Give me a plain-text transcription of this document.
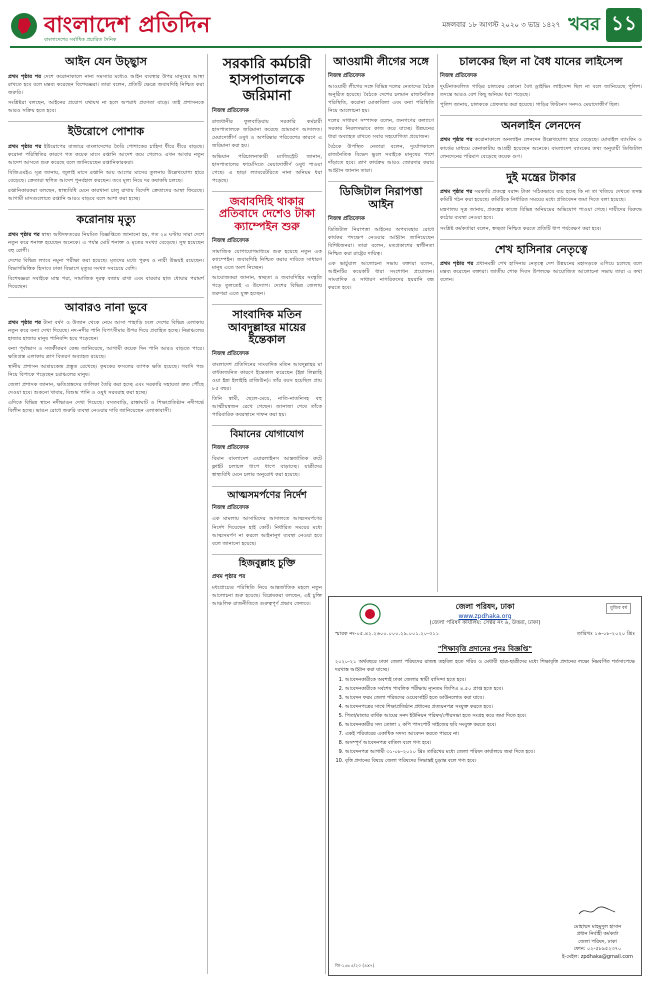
বাংলাদেশ প্রতিদিন
বাংলাদেশের সর্বাধিক প্রচারিত দৈনিক
মঙ্গলবার ১৮ আগস্ট ২০২০ ৩ ভাদ্র ১৪২৭ খবর ১১
আইন যেন উচ্ছ্বাস

প্রথম পৃষ্ঠার পর দেশে করোনাকালে নানা সমস্যার মধ্যেও আইন ব্যবস্থার উপর মানুষের আস্থা রাখতে হবে বলে মন্তব্য করেছেন বিশেষজ্ঞরা। তারা বলেন, প্রতিটি ক্ষেত্রে জবাবদিহি নিশ্চিত করা জরুরি।

সংশ্লিষ্টরা বলছেন, আইনের প্রয়োগ যথাযথ না হলে অপরাধ প্রবণতা বাড়ে। তাই প্রশাসনকে আরও সক্রিয় হতে হবে।

ইউরোপে পোশাক

প্রথম পৃষ্ঠার পর ইউরোপের বাজারে বাংলাদেশের তৈরি পোশাকের চাহিদা ধীরে ধীরে বাড়ছে। করোনা পরিস্থিতির কারণে গত কয়েক মাসে রপ্তানি আদেশ কমে গেলেও এখন আবার নতুন আদেশ আসতে শুরু করেছে বলে জানিয়েছেন রপ্তানিকারকরা।

বিজিএমইএ সূত্র জানায়, জুলাই মাসে রপ্তানি আয় আগের মাসের তুলনায় উল্লেখযোগ্য হারে বেড়েছে। ক্রেতারা স্থগিত আদেশ পুনর্বহাল করছেন। তবে মূল্য নিয়ে দর কষাকষি চলছে।

রপ্তানিকারকরা বলছেন, স্বাস্থ্যবিধি মেনে কারখানা চালু রাখায় বিদেশি ক্রেতাদের আস্থা ফিরেছে। আগামী মাসগুলোতে রপ্তানি আরও বাড়বে বলে আশা করা হচ্ছে।

করোনায় মৃত্যু

প্রথম পৃষ্ঠার পর স্বাস্থ্য অধিদফতরের নিয়মিত বিজ্ঞপ্তিতে জানানো হয়, গত ২৪ ঘণ্টায় সারা দেশে নতুন করে শনাক্ত হয়েছেন অনেকে। এ পর্যন্ত মোট শনাক্ত ও মৃতের সংখ্যা বেড়েছে। সুস্থ হয়েছেন বহু রোগী।

দেশের বিভিন্ন ল্যাবে নমুনা পরীক্ষা করা হয়েছে। মৃতদের মধ্যে পুরুষ ও নারী উভয়ই রয়েছেন। বিভাগভিত্তিক হিসাবে ঢাকা বিভাগে মৃত্যুর সংখ্যা সবচেয়ে বেশি।

বিশেষজ্ঞরা সবাইকে মাস্ক পরা, সামাজিক দূরত্ব বজায় রাখা এবং বারবার হাত ধোয়ার পরামর্শ দিয়েছেন।

আবারও নানা ভুবে

প্রথম পৃষ্ঠার পর টানা বর্ষণ ও উজান থেকে নেমে আসা পাহাড়ি ঢলে দেশের বিভিন্ন এলাকায় নতুন করে বন্যা দেখা দিয়েছে। নদ-নদীর পানি বিপৎসীমার উপর দিয়ে প্রবাহিত হচ্ছে। নিম্নাঞ্চলের হাজার হাজার মানুষ পানিবন্দি হয়ে পড়েছেন।

বন্যা পূর্বাভাস ও সতর্কীকরণ কেন্দ্র জানিয়েছে, আগামী কয়েক দিন পানি আরও বাড়তে পারে। ক্ষতিগ্রস্ত এলাকায় ত্রাণ বিতরণ অব্যাহত রয়েছে।

স্থানীয় প্রশাসন আশ্রয়কেন্দ্র প্রস্তুত রেখেছে। কৃষকের ফসলের ব্যাপক ক্ষতি হয়েছে। গবাদি পশু নিয়ে বিপাকে পড়েছেন চরাঞ্চলের মানুষ।

জেলা প্রশাসক জানান, ক্ষতিগ্রস্তদের তালিকা তৈরি করা হচ্ছে এবং সরকারি সহায়তা দ্রুত পৌঁছে দেওয়া হবে। শুকনো খাবার, বিশুদ্ধ পানি ও ওষুধ সরবরাহ করা হচ্ছে।

এদিকে বিভিন্ন স্থানে নদীভাঙন দেখা দিয়েছে। বসতবাড়ি, রাস্তাঘাট ও শিক্ষাপ্রতিষ্ঠান নদীগর্ভে বিলীন হচ্ছে। ভাঙন রোধে জরুরি ব্যবস্থা নেওয়ার দাবি জানিয়েছেন এলাকাবাসী।

সরকারি কর্মচারী হাসপাতালকে জরিমানা
নিজস্ব প্রতিবেদক

রাজধানীর ফুলবাড়িয়ায় সরকারি কর্মচারী হাসপাতালকে জরিমানা করেছে ভ্রাম্যমাণ আদালত। মেয়াদোত্তীর্ণ ওষুধ ও অপরিষ্কার পরিবেশের কারণে এ জরিমানা করা হয়।

অভিযান পরিচালনাকারী ম্যাজিস্ট্রেট জানান, হাসপাতালের ফার্মেসিতে মেয়াদোত্তীর্ণ ওষুধ পাওয়া গেছে। এ ছাড়া ল্যাবরেটরিতে নানা অনিয়ম ধরা পড়েছে।

জবাবদিহি থাকার প্রতিবাদে দেশেও টাকা ক্যাম্পেইন শুরু
নিজস্ব প্রতিবেদক

সামাজিক যোগাযোগমাধ্যমে শুরু হয়েছে নতুন এক ক্যাম্পেইন। জবাবদিহি নিশ্চিত করার দাবিতে সাধারণ মানুষ এতে অংশ নিচ্ছেন।

আয়োজকরা জানান, স্বচ্ছতা ও জবাবদিহির সংস্কৃতি গড়ে তুলতেই এ উদ্যোগ। দেশের বিভিন্ন জেলায় তরুণরা এতে যুক্ত হচ্ছেন।

সাংবাদিক মতিন আবদুল্লাহর মায়ের ইন্তেকাল
নিজস্ব প্রতিবেদক

বাংলাদেশ প্রতিদিনের সাংবাদিক মতিন আবদুল্লাহর মা বার্ধক্যজনিত কারণে ইন্তেকাল করেছেন (ইন্না লিল্লাহি ওয়া ইন্না ইলাইহি রাজিউন)। তাঁর বয়স হয়েছিল প্রায় ৮৫ বছর।

তিনি স্বামী, ছেলে-মেয়ে, নাতি-নাতনিসহ বহু আত্মীয়স্বজন রেখে গেছেন। জানাজা শেষে তাঁকে পারিবারিক কবরস্থানে দাফন করা হয়।

বিমানের যোগাযোগ
নিজস্ব প্রতিবেদক

বিমান বাংলাদেশ এয়ারলাইনস আন্তর্জাতিক রুটে ফ্লাইট চলাচল ধাপে ধাপে বাড়াচ্ছে। যাত্রীদের স্বাস্থ্যবিধি মেনে চলার অনুরোধ করা হয়েছে।

আত্মসমর্পণের নির্দেশ
নিজস্ব প্রতিবেদক

এক মামলায় আসামিদের আদালতে আত্মসমর্পণের নির্দেশ দিয়েছেন হাই কোর্ট। নির্ধারিত সময়ের মধ্যে আত্মসমর্পণ না করলে আইনানুগ ব্যবস্থা নেওয়া হবে বলে জানানো হয়েছে।

হিজবুল্লাহ চুক্তি
প্রথম পৃষ্ঠার পর

মধ্যপ্রাচ্যের পরিস্থিতি নিয়ে আন্তর্জাতিক মহলে নতুন আলোচনা শুরু হয়েছে। বিশ্লেষকরা বলছেন, এই চুক্তি আঞ্চলিক রাজনীতিতে গুরুত্বপূর্ণ প্রভাব ফেলবে।

আওয়ামী লীগের সঙ্গে
নিজস্ব প্রতিবেদক

আওয়ামী লীগের সঙ্গে বিভিন্ন দলের নেতাদের বৈঠক অনুষ্ঠিত হয়েছে। বৈঠকে দেশের চলমান রাজনৈতিক পরিস্থিতি, করোনা মোকাবিলা এবং বন্যা পরিস্থিতি নিয়ে আলোচনা হয়।

দলের সাধারণ সম্পাদক বলেন, জনগণের কল্যাণে সরকার নিরলসভাবে কাজ করে যাচ্ছে। উন্নয়নের ধারা অব্যাহত রাখতে সবার সহযোগিতা প্রয়োজন।

বৈঠকে উপস্থিত নেতারা বলেন, দুর্যোগকালে রাজনৈতিক বিভেদ ভুলে সবাইকে মানুষের পাশে দাঁড়াতে হবে। ত্রাণ কার্যক্রম আরও জোরদার করার আহ্বান জানান তারা।

ডিজিটাল নিরাপত্তা আইন
নিজস্ব প্রতিবেদক

ডিজিটাল নিরাপত্তা আইনের অপব্যবহার রোধে কার্যকর পদক্ষেপ নেওয়ার আহ্বান জানিয়েছেন বিশিষ্টজনরা। তারা বলেন, মতপ্রকাশের স্বাধীনতা নিশ্চিত করা রাষ্ট্রের দায়িত্ব।

এক ভার্চুয়াল আলোচনা সভায় বক্তারা বলেন, আইনটির কয়েকটি ধারা সংশোধন প্রয়োজন। সাংবাদিক ও সাধারণ নাগরিকদের হয়রানি বন্ধ করতে হবে।

চালকের ছিল না বৈধ যানের লাইসেন্স
নিজস্ব প্রতিবেদক

দুর্ঘটনাকবলিত গাড়ির চালকের কোনো বৈধ ড্রাইভিং লাইসেন্স ছিল না বলে জানিয়েছে পুলিশ। তদন্তে আরও বেশ কিছু অনিয়ম ধরা পড়েছে।

পুলিশ জানায়, চালককে গ্রেফতার করা হয়েছে। গাড়ির ফিটনেস সনদও মেয়াদোত্তীর্ণ ছিল।

অনলাইন লেনদেন

প্রথম পৃষ্ঠার পর করোনাকালে অনলাইন লেনদেন উল্লেখযোগ্য হারে বেড়েছে। মোবাইল ব্যাংকিং ও কার্ডের মাধ্যমে কেনাকাটায় আগ্রহী হয়েছেন অনেকে। বাংলাদেশ ব্যাংকের তথ্য অনুযায়ী ডিজিটাল লেনদেনের পরিমাণ বেড়েছে কয়েক গুণ।

দুই মন্ত্রের টাকার

প্রথম পৃষ্ঠার পর সরকারি প্রকল্পে বরাদ্দ টাকা সঠিকভাবে ব্যয় হচ্ছে কি না তা খতিয়ে দেখতে তদন্ত কমিটি গঠন করা হয়েছে। কমিটিকে নির্ধারিত সময়ের মধ্যে প্রতিবেদন জমা দিতে বলা হয়েছে।

মন্ত্রণালয় সূত্র জানায়, প্রকল্পের কাজে বিভিন্ন অনিয়মের অভিযোগ পাওয়া গেছে। দায়ীদের বিরুদ্ধে কঠোর ব্যবস্থা নেওয়া হবে।

সংশ্লিষ্ট কর্মকর্তারা বলেন, স্বচ্ছতা নিশ্চিত করতে প্রতিটি ধাপ পর্যবেক্ষণ করা হবে।

শেখ হাসিনার নেতৃত্বে

প্রথম পৃষ্ঠার পর প্রধানমন্ত্রী শেখ হাসিনার নেতৃত্বে দেশ উন্নয়নের মহাসড়কে এগিয়ে চলেছে বলে মন্তব্য করেছেন বক্তারা। জাতীয় শোক দিবস উপলক্ষে আয়োজিত আলোচনা সভায় তারা এ কথা বলেন।

মুজিব বর্ষ
জেলা পরিষদ, ঢাকা
www.zpdhaka.org
(জেলা পরিষদ কার্যালয়: সেক্টর নং ৬, উত্তরা, ঢাকা)
স্মারক নং-০৫.৪২.২৬০০.০০০.২৯.০০১.২০-৩১১	তারিখঃ ১৬-০৮-২০২০ খ্রিঃ
"শিক্ষাবৃত্তি প্রদানের পুনঃ বিজ্ঞপ্তি"

২০২০-২১ অর্থবছরে ঢাকা জেলা পরিষদের রাজস্ব তহবিল হতে গরিব ও মেধাবী ছাত্র-ছাত্রীদের মধ্যে শিক্ষাবৃত্তি প্রদানের লক্ষ্যে নিম্নবর্ণিত শর্তসাপেক্ষে দরখাস্ত আহ্বান করা যাচ্ছে।

1. আবেদনকারীকে অবশ্যই ঢাকা জেলার স্থায়ী বাসিন্দা হতে হবে।
2. আবেদনকারীকে সর্বশেষ পাবলিক পরীক্ষায় ন্যূনতম জিপিএ ৪.৫০ প্রাপ্ত হতে হবে।
3. আবেদন ফরম জেলা পরিষদের ওয়েবসাইট হতে ডাউনলোড করা যাবে।
4. আবেদনপত্রের সাথে শিক্ষাপ্রতিষ্ঠান প্রধানের প্রত্যয়নপত্র সংযুক্ত করতে হবে।
5. পিতা/মাতার বার্ষিক আয়ের সনদ ইউনিয়ন পরিষদ/পৌরসভা হতে সংগ্রহ করে জমা দিতে হবে।
6. আবেদনকারীর সদ্য তোলা ২ কপি পাসপোর্ট সাইজের ছবি সংযুক্ত করতে হবে।
7. একই পরিবারের একাধিক সদস্য আবেদন করতে পারবে না।
8. অসম্পূর্ণ আবেদনপত্র বাতিল বলে গণ্য হবে।
9. আবেদনপত্র আগামী ৩১-০৮-২০২০ খ্রিঃ তারিখের মধ্যে জেলা পরিষদ কার্যালয়ে জমা দিতে হবে।
10. বৃত্তি প্রদানের বিষয়ে জেলা পরিষদের সিদ্ধান্তই চূড়ান্ত বলে গণ্য হবে।
মোহাম্মদ মাহমুদুল হাসান
প্রধান নির্বাহী কর্মকর্তা
জেলা পরিষদ, ঢাকা
ফোন: ০২-৫৮৯৫২৩৭০
ই-মেইল: zpdhaka@gmail.com
জি-১৬৮৫/২০ (৪x৭)
